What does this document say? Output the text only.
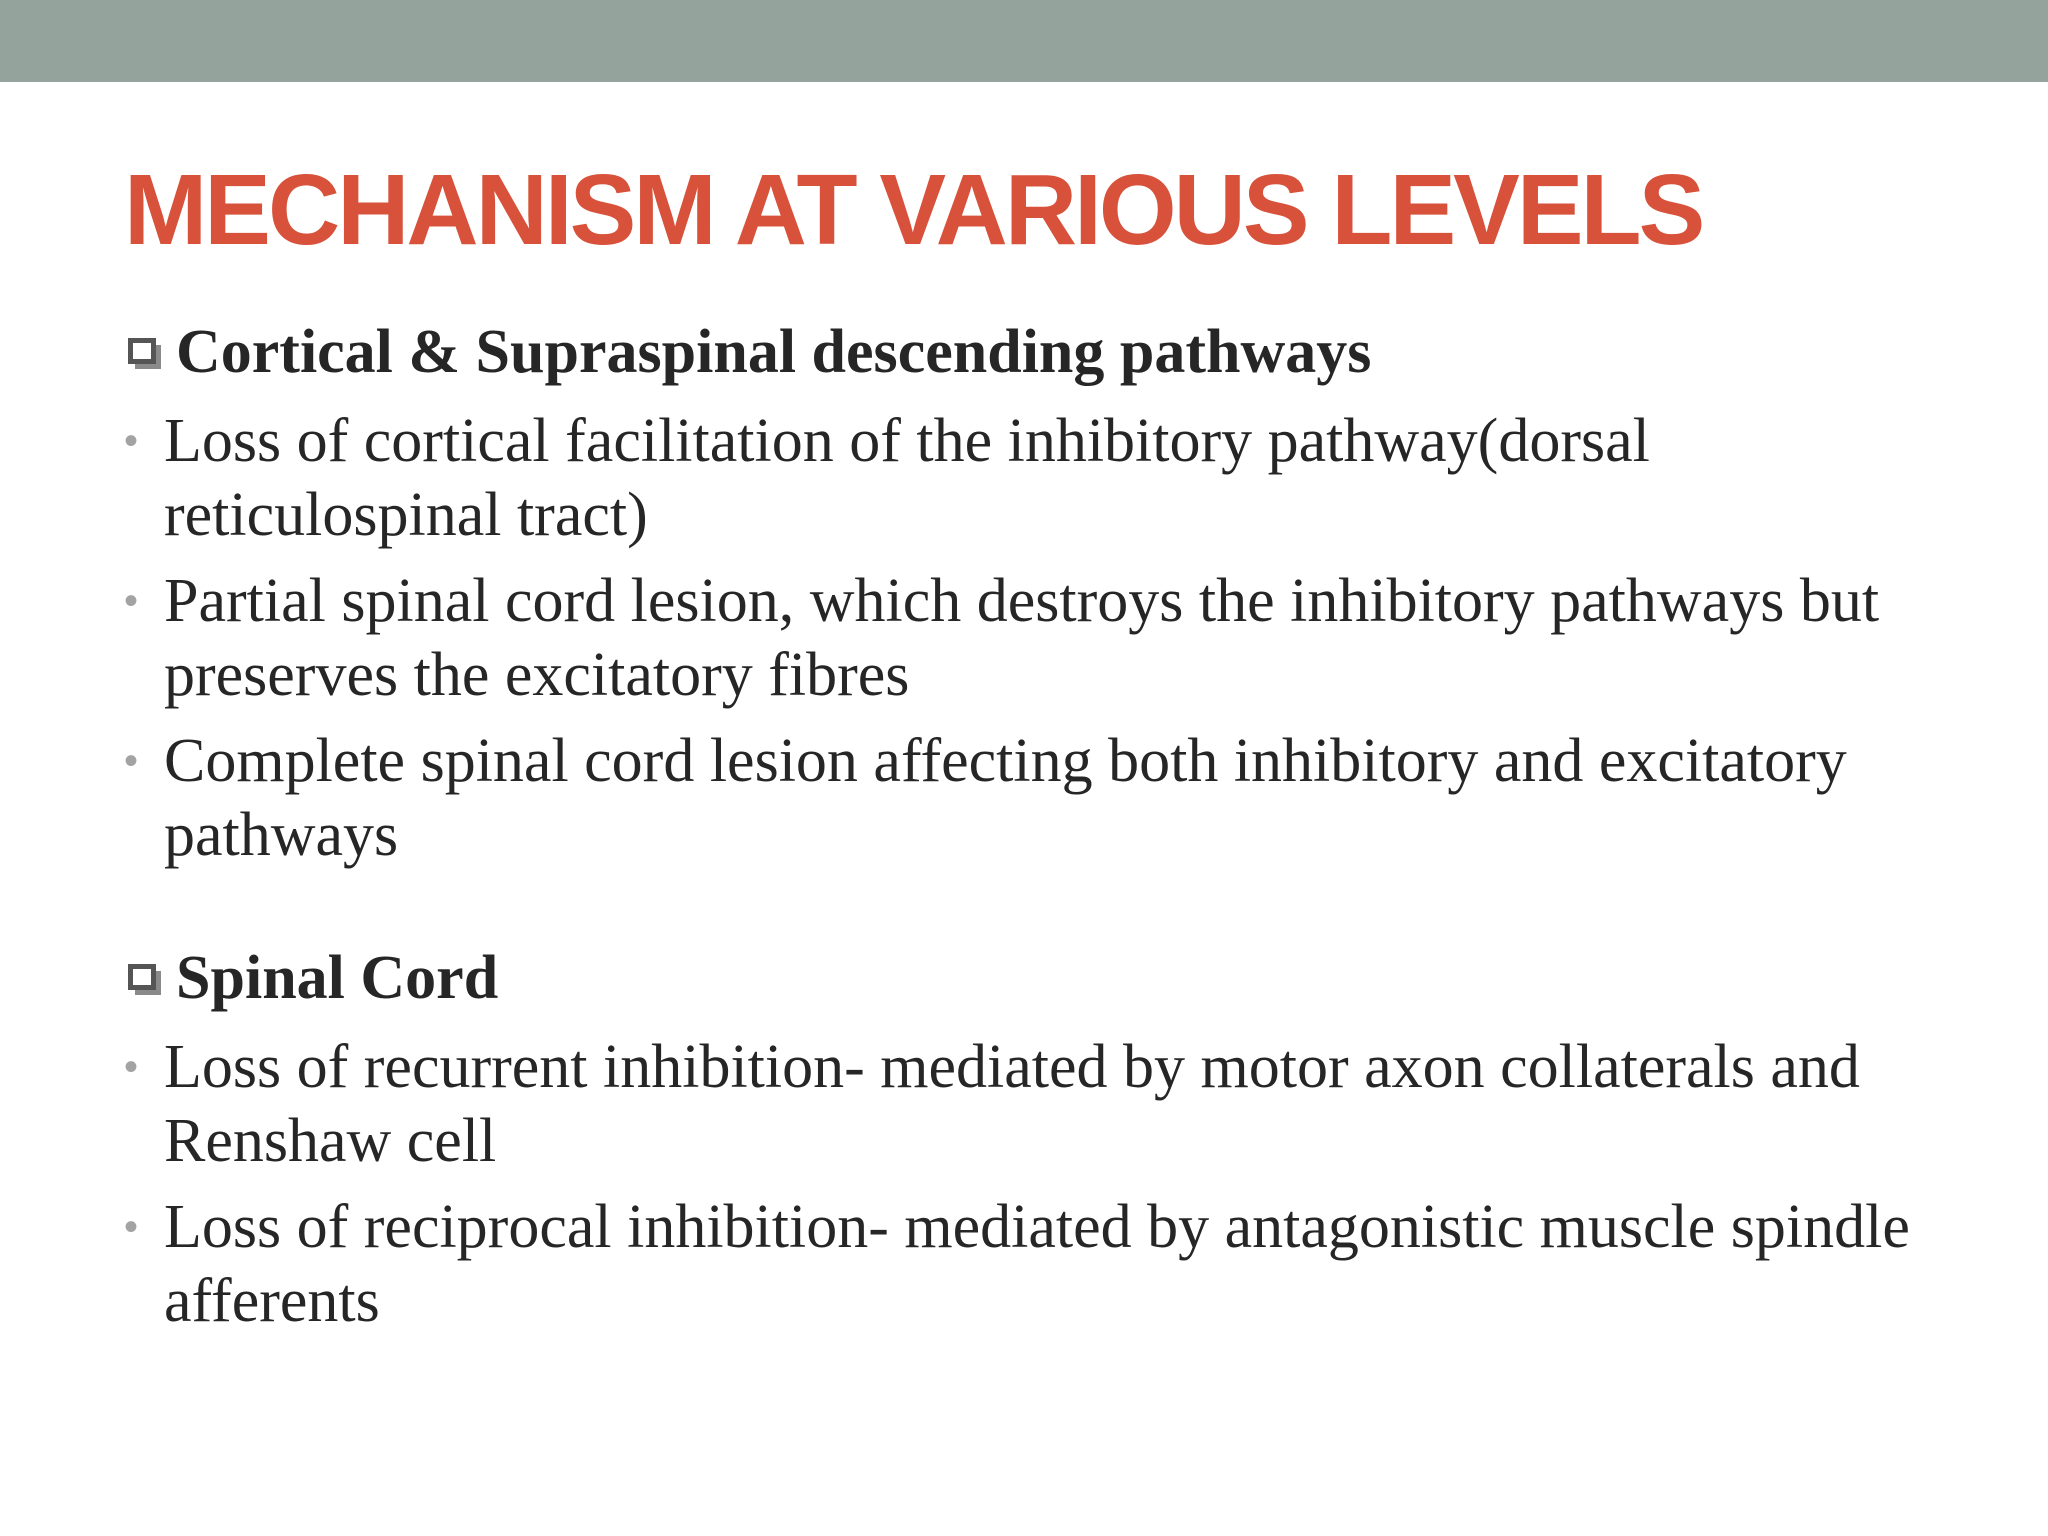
MECHANISM AT VARIOUS LEVELS
Cortical & Supraspinal descending pathways
• Loss of cortical facilitation of the inhibitory pathway(dorsal reticulospinal tract)
• Partial spinal cord lesion, which destroys the inhibitory pathways but preserves the excitatory fibres
• Complete spinal cord lesion affecting both inhibitory and excitatory pathways
Spinal Cord
• Loss of recurrent inhibition- mediated by motor axon collaterals and Renshaw cell
• Loss of reciprocal inhibition- mediated by antagonistic muscle spindle afferents
